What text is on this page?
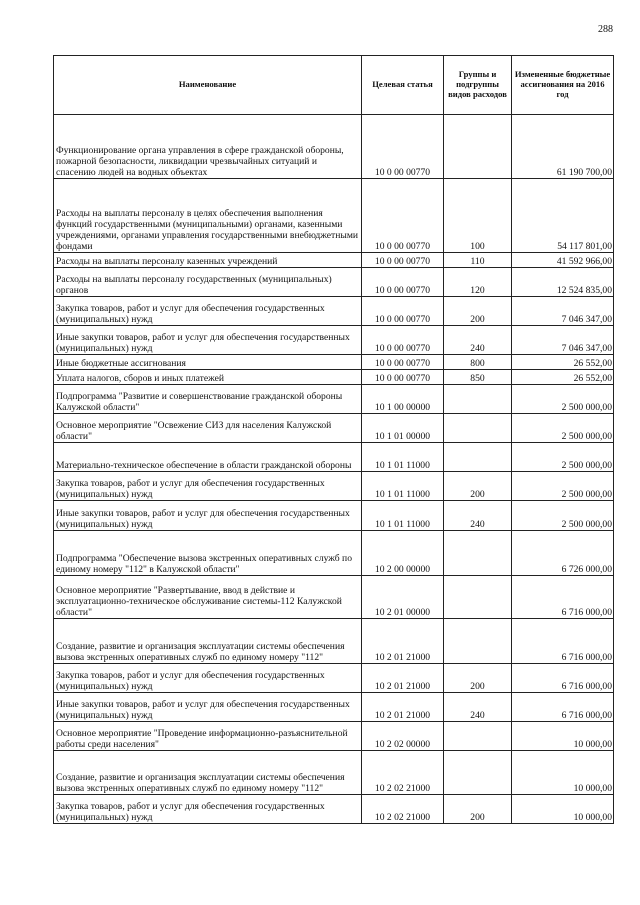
288
Наименование	Целевая статья	Группы и подгруппы видов расходов	Измененные бюджетные ассигнования на 2016 год
Функционирование органа управления в сфере гражданской обороны, пожарной безопасности, ликвидации чрезвычайных ситуаций и спасению людей на водных объектах	10 0 00 00770		61 190 700,00
Расходы на выплаты персоналу в целях обеспечения выполнения функций государственными (муниципальными) органами, казенными учреждениями, органами управления государственными внебюджетными фондами	10 0 00 00770	100	54 117 801,00
Расходы на выплаты персоналу казенных учреждений	10 0 00 00770	110	41 592 966,00
Расходы на выплаты персоналу государственных (муниципальных) органов	10 0 00 00770	120	12 524 835,00
Закупка товаров, работ и услуг для обеспечения государственных (муниципальных) нужд	10 0 00 00770	200	7 046 347,00
Иные закупки товаров, работ и услуг для обеспечения государственных (муниципальных) нужд	10 0 00 00770	240	7 046 347,00
Иные бюджетные ассигнования	10 0 00 00770	800	26 552,00
Уплата налогов, сборов и иных платежей	10 0 00 00770	850	26 552,00
Подпрограмма "Развитие и совершенствование гражданской обороны Калужской области"	10 1 00 00000		2 500 000,00
Основное мероприятие "Освежение СИЗ для населения Калужской области"	10 1 01 00000		2 500 000,00
Материально-техническое обеспечение в области гражданской обороны	10 1 01 11000		2 500 000,00
Закупка товаров, работ и услуг для обеспечения государственных (муниципальных) нужд	10 1 01 11000	200	2 500 000,00
Иные закупки товаров, работ и услуг для обеспечения государственных (муниципальных) нужд	10 1 01 11000	240	2 500 000,00
Подпрограмма "Обеспечение вызова экстренных оперативных служб по единому номеру "112" в Калужской области"	10 2 00 00000		6 726 000,00
Основное мероприятие "Развертывание, ввод в действие и эксплуатационно-техническое обслуживание системы-112 Калужской области"	10 2 01 00000		6 716 000,00
Создание, развитие и организация эксплуатации системы обеспечения вызова экстренных оперативных служб по единому номеру "112"	10 2 01 21000		6 716 000,00
Закупка товаров, работ и услуг для обеспечения государственных (муниципальных) нужд	10 2 01 21000	200	6 716 000,00
Иные закупки товаров, работ и услуг для обеспечения государственных (муниципальных) нужд	10 2 01 21000	240	6 716 000,00
Основное мероприятие "Проведение информационно-разъяснительной работы среди населения"	10 2 02 00000		10 000,00
Создание, развитие и организация эксплуатации системы обеспечения вызова экстренных оперативных служб по единому номеру "112"	10 2 02 21000		10 000,00
Закупка товаров, работ и услуг для обеспечения государственных (муниципальных) нужд	10 2 02 21000	200	10 000,00
